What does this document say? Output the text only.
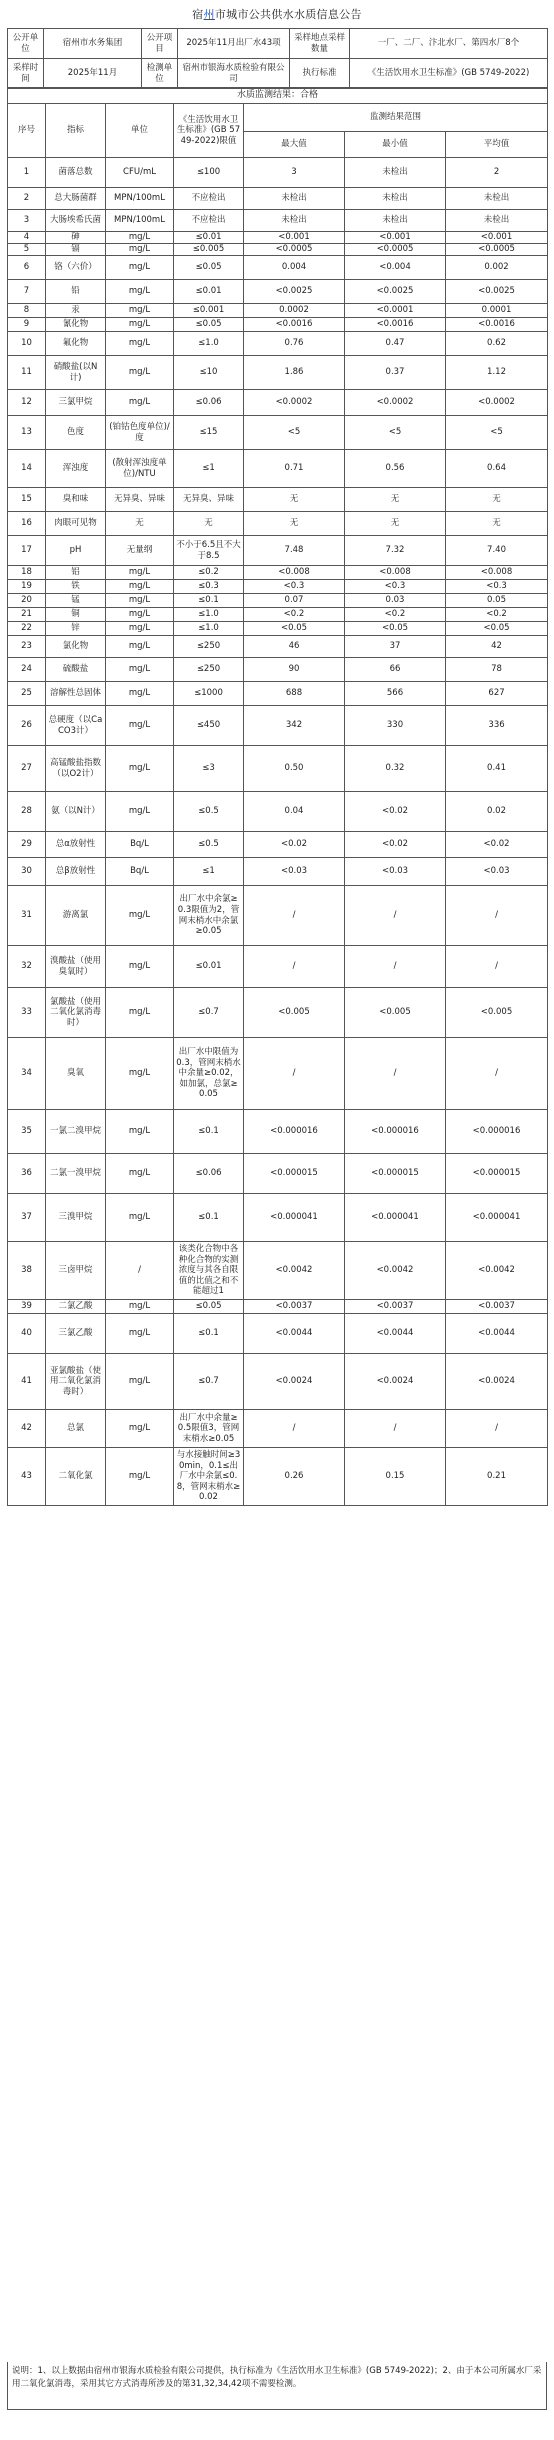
宿州市城市公共供水水质信息公告
公开单位	宿州市水务集团	公开项目	2025年11月出厂水43项	采样地点采样数量	一厂、二厂、汴北水厂、第四水厂8个
采样时间	2025年11月	检测单位	宿州市银海水质检验有限公司	执行标准	《生活饮用水卫生标准》(GB 5749-2022)
水质监测结果：合格						
序号	指标	单位	《生活饮用水卫生标准》(GB 5749-2022)限值	监测结果范围		
				最大值	最小值	平均值
1	菌落总数	CFU/mL	≤100	3	未检出	2
2	总大肠菌群	MPN/100mL	不应检出	未检出	未检出	未检出
3	大肠埃希氏菌	MPN/100mL	不应检出	未检出	未检出	未检出
4	砷	mg/L	≤0.01	<0.001	<0.001	<0.001
5	镉	mg/L	≤0.005	<0.0005	<0.0005	<0.0005
6	铬（六价）	mg/L	≤0.05	0.004	<0.004	0.002
7	铅	mg/L	≤0.01	<0.0025	<0.0025	<0.0025
8	汞	mg/L	≤0.001	0.0002	<0.0001	0.0001
9	氰化物	mg/L	≤0.05	<0.0016	<0.0016	<0.0016
10	氟化物	mg/L	≤1.0	0.76	0.47	0.62
11	硝酸盐(以N计)	mg/L	≤10	1.86	0.37	1.12
12	三氯甲烷	mg/L	≤0.06	<0.0002	<0.0002	<0.0002
13	色度	(铂钴色度单位)/度	≤15	<5	<5	<5
14	浑浊度	(散射浑浊度单位)/NTU	≤1	0.71	0.56	0.64
15	臭和味	无异臭、异味	无异臭、异味	无	无	无
16	肉眼可见物	无	无	无	无	无
17	pH	无量纲	不小于6.5且不大于8.5	7.48	7.32	7.40
18	铝	mg/L	≤0.2	<0.008	<0.008	<0.008
19	铁	mg/L	≤0.3	<0.3	<0.3	<0.3
20	锰	mg/L	≤0.1	0.07	0.03	0.05
21	铜	mg/L	≤1.0	<0.2	<0.2	<0.2
22	锌	mg/L	≤1.0	<0.05	<0.05	<0.05
23	氯化物	mg/L	≤250	46	37	42
24	硫酸盐	mg/L	≤250	90	66	78
25	溶解性总固体	mg/L	≤1000	688	566	627
26	总硬度（以CaCO3计）	mg/L	≤450	342	330	336
27	高锰酸盐指数（以O2计）	mg/L	≤3	0.50	0.32	0.41
28	氨（以N计）	mg/L	≤0.5	0.04	<0.02	0.02
29	总α放射性	Bq/L	≤0.5	<0.02	<0.02	<0.02
30	总β放射性	Bq/L	≤1	<0.03	<0.03	<0.03
31	游离氯	mg/L	出厂水中余氯≥0.3限值为2，管网末梢水中余氯≥0.05	/	/	/
32	溴酸盐（使用臭氧时）	mg/L	≤0.01	/	/	/
33	氯酸盐（使用二氧化氯消毒时）	mg/L	≤0.7	<0.005	<0.005	<0.005
34	臭氧	mg/L	出厂水中限值为0.3，管网末梢水中余量≥0.02，如加氯，总氯≥0.05	/	/	/
35	一氯二溴甲烷	mg/L	≤0.1	<0.000016	<0.000016	<0.000016
36	二氯一溴甲烷	mg/L	≤0.06	<0.000015	<0.000015	<0.000015
37	三溴甲烷	mg/L	≤0.1	<0.000041	<0.000041	<0.000041
38	三卤甲烷	/	该类化合物中各种化合物的实测浓度与其各自限值的比值之和不能超过1	<0.0042	<0.0042	<0.0042
39	二氯乙酸	mg/L	≤0.05	<0.0037	<0.0037	<0.0037
40	三氯乙酸	mg/L	≤0.1	<0.0044	<0.0044	<0.0044
41	亚氯酸盐（使用二氧化氯消毒时）	mg/L	≤0.7	<0.0024	<0.0024	<0.0024
42	总氯	mg/L	出厂水中余量≥0.5限值3，管网末梢水≥0.05	/	/	/
43	二氧化氯	mg/L	与水接触时间≥30min，0.1≤出厂水中余氯≤0.8，管网末梢水≥0.02	0.26	0.15	0.21
说明：1、以上数据由宿州市银海水质检验有限公司提供，执行标准为《生活饮用水卫生标准》(GB 5749-2022)；2、由于本公司所属水厂采用二氧化氯消毒，采用其它方式消毒所涉及的第31,32,34,42项不需要检测。
